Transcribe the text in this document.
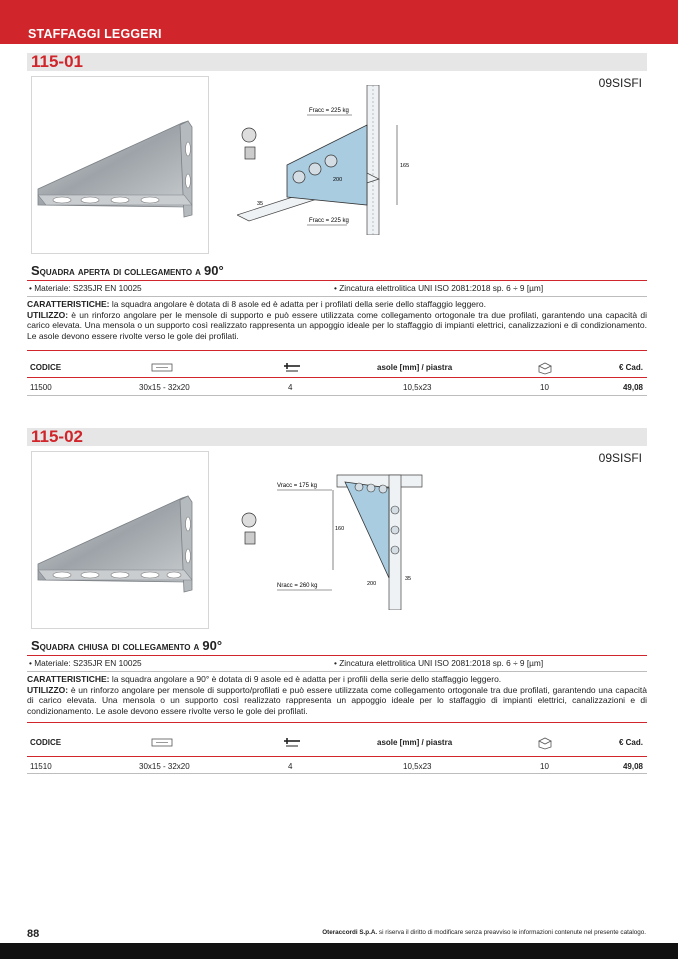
STAFFAGGI LEGGERI
115-01
09SISFI
Fracc = 225 kg
Fracc = 225 kg
200
165
35
Squadra aperta di collegamento a 90°
• Materiale: S235JR EN 10025	• Zincatura elettrolitica UNI ISO 2081:2018 sp. 6 ÷ 9 [µm]
CARATTERISTICHE: la squadra angolare è dotata di 8 asole ed è adatta per i profilati della serie dello staffaggio leggero.
UTILIZZO: è un rinforzo angolare per le mensole di supporto e può essere utilizzata come collegamento ortogonale tra due profilati, garantendo una capacità di carico elevata. Una mensola o un supporto così realizzato rappresenta un appoggio ideale per lo staffaggio di impianti elettrici, canalizzazioni e di condizionamento. Le asole devono essere rivolte verso le gole dei profilati.
CODICE	asole [mm] / piastra	€ Cad.
11500	30x15 - 32x20	4	10,5x23	10	49,08
115-02
09SISFI
Vracc = 175 kg
Nracc = 260 kg	200
160
35
Squadra chiusa di collegamento a 90°
• Materiale: S235JR EN 10025	• Zincatura elettrolitica UNI ISO 2081:2018 sp. 6 ÷ 9 [µm]
CARATTERISTICHE: la squadra angolare a 90° è dotata di 9 asole ed è adatta per i profili della serie dello staffaggio leggero.
UTILIZZO: è un rinforzo angolare per mensole di supporto/profilati e può essere utilizzata come collegamento ortogonale tra due profilati, garantendo una capacità di carico elevata. Una mensola o un supporto così realizzato rappresenta un appoggio ideale per lo staffaggio di impianti elettrici, canalizzazioni e di condizionamento. Le asole devono essere rivolte verso le gole dei profilati.
CODICE	asole [mm] / piastra	€ Cad.
11510	30x15 - 32x20	4	10,5x23	10	49,08
88	Oteraccordi S.p.A. si riserva il diritto di modificare senza preavviso le informazioni contenute nel presente catalogo.
